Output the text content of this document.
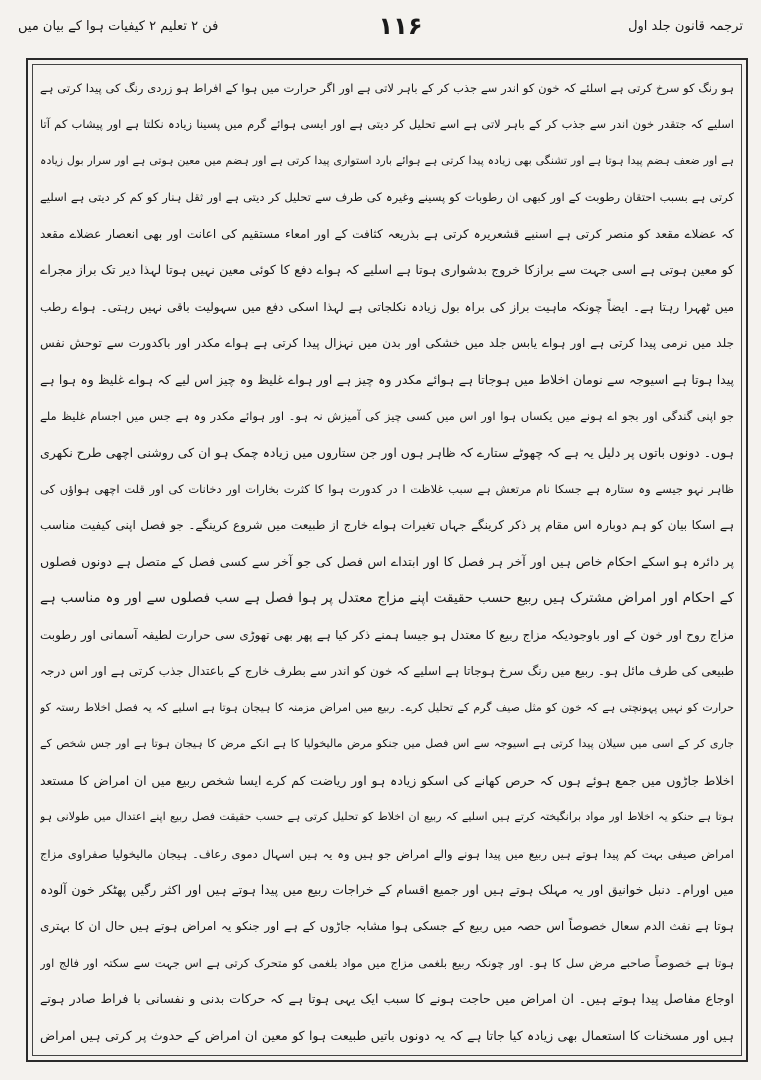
فن ۲ تعلیم ۲ کیفیات ہوا کے بیان میں	۱۱۶	ترجمہ قانون جلد اول
ہو رنگ کو سرخ کرتی ہے اسلئے کہ خون کو اندر سے جذب کر کے باہر لاتی ہے اور اگر حرارت میں ہوا کے افراط ہو زردی رنگ کی پیدا کرتی ہے
اسلیے کہ جتقدر خون اندر سے جذب کر کے باہر لاتی ہے اسے تحلیل کر دیتی ہے اور ایسی ہوائے گرم میں پسینا زیادہ نکلتا ہے اور پیشاب کم آتا
ہے اور ضعف ہضم پیدا ہوتا ہے اور تشنگی بھی زیادہ پیدا کرتی ہے ہوائے بارد استواری پیدا کرتی ہے اور ہضم میں معین ہوتی ہے اور سرار بول زیادہ
کرتی ہے بسبب احتقان رطوبت کے اور کبھی ان رطوبات کو پسینے وغیرہ کی طرف سے تحلیل کر دیتی ہے اور ثقل ہنار کو کم کر دیتی ہے اسلیے
کہ عضلاے مقعد کو منصر کرتی ہے اسنیے قشعریرہ کرتی ہے بذریعہ کثافت کے اور امعاء مستقیم کی اعانت اور بھی انعصار عضلاے مقعد
کو معین ہوتی ہے اسی جہت سے برازکا خروج بدشواری ہوتا ہے اسلیے کہ ہواے دفع کا کوئی معین نہیں ہوتا لہذا دیر تک براز مجراے
میں ٹھہرا رہتا ہے۔ ایضاً چونکہ ماہیت براز کی براہ بول زیادہ نکلجاتی ہے لہذا اسکی دفع میں سہولیت باقی نہیں رہتی۔ ہواے رطب
جلد میں نرمی پیدا کرتی ہے اور ہواے یابس جلد میں خشکی اور بدن میں نہزال پیدا کرتی ہے ہواے مکدر اور باکدورت سے توحش نفس
پیدا ہوتا ہے اسیوجہ سے نومان اخلاط میں ہوجاتا ہے ہوائے مکدر وہ چیز ہے اور ہواے غلیظ وہ چیز اس لیے کہ ہواے غلیظ وہ ہوا ہے
جو اپنی گندگی اور بجو اے ہونے میں یکساں ہوا اور اس میں کسی چیز کی آمیزش نہ ہو۔ اور ہوائے مکدر وہ ہے جس میں اجسام غلیظ ملے
ہوں۔ دونوں باتوں پر دلیل یہ ہے کہ چھوٹے ستارے کہ ظاہر ہوں اور جن ستاروں میں زیادہ چمک ہو ان کی روشنی اچھی طرح نکھری
ظاہر نہو جیسے وہ ستارہ ہے جسکا نام مرتعش ہے سبب غلاظت ا در کدورت ہوا کا کثرت بخارات اور دخانات کی اور قلت اچھی ہواؤں کی
ہے اسکا بیان کو ہم دوبارہ اس مقام پر ذکر کرینگے جہاں تغیرات ہواے خارج از طبیعت میں شروع کرینگے۔ جو فصل اپنی کیفیت مناسب
پر دائرہ ہو اسکے احکام خاص ہیں اور آخر ہر فصل کا اور ابتداے اس فصل کی جو آخر سے کسی فصل کے متصل ہے دونوں فصلوں
کے احکام اور امراض مشترک ہیں ربیع حسب حقیقت اپنے مزاج معتدل پر ہوا فصل ہے سب فصلوں سے اور وہ مناسب ہے
مزاج روح اور خون کے اور باوجودیکہ مزاج ربیع کا معتدل ہو جیسا ہمنے ذکر کیا ہے پھر بھی تھوڑی سی حرارت لطیفہ آسمانی اور رطوبت
طبیعی کی طرف مائل ہو۔ ربیع میں رنگ سرخ ہوجاتا ہے اسلیے کہ خون کو اندر سے بطرف خارج کے باعتدال جذب کرتی ہے اور اس درجہ
حرارت کو نہیں پہونچتی ہے کہ خون کو مثل صیف گرم کے تحلیل کرے۔ ربیع میں امراض مزمنہ کا ہیجان ہوتا ہے اسلیے کہ یہ فصل اخلاط رستہ کو
جاری کر کے اسی میں سیلان پیدا کرتی ہے اسیوجہ سے اس فصل میں جنکو مرض مالیخولیا کا ہے انکے مرض کا ہیجان ہوتا ہے اور جس شخص کے
اخلاط جاڑوں میں جمع ہوئے ہوں کہ حرص کھانے کی اسکو زیادہ ہو اور ریاضت کم کرے ایسا شخص ربیع میں ان امراض کا مستعد
ہوتا ہے حنکو یہ اخلاط اور مواد برانگیختہ کرتے ہیں اسلیے کہ ربیع ان اخلاط کو تحلیل کرتی ہے حسب حقیقت فصل ربیع اپنے اعتدال میں طولانی ہو
امراض صیفی بہت کم پیدا ہوتے ہیں ربیع میں پیدا ہونے والے امراض جو ہیں وہ یہ ہیں اسہال دموی رعاف۔ ہیجان مالیخولیا صفراوی مزاج
میں اورام۔ دنبل خوانیق اور یہ مہلک ہوتے ہیں اور جمیع اقسام کے خراجات ربیع میں پیدا ہوتے ہیں اور اکثر رگیں پھٹکر خون آلودہ
ہوتا ہے نفث الدم سعال خصوصاً اس حصہ میں ربیع کے جسکی ہوا مشابہ جاڑوں کے ہے اور جنکو یہ امراض ہوتے ہیں حال ان کا بہتری
ہوتا ہے خصوصاً صاحبے مرض سل کا ہو۔ اور چونکہ ربیع بلغمی مزاج میں مواد بلغمی کو متحرک کرتی ہے اس جہت سے سکتہ اور فالج اور
اوجاع مفاصل پیدا ہوتے ہیں۔ ان امراض میں حاجت ہونے کا سبب ایک یہی ہوتا ہے کہ حرکات بدنی و نفسانی با فراط صادر ہوتے
ہیں اور مسخنات کا استعمال بھی زیادہ کیا جاتا ہے کہ یہ دونوں باتیں طبیعت ہوا کو معین ان امراض کے حدوث پر کرتی ہیں امراض
